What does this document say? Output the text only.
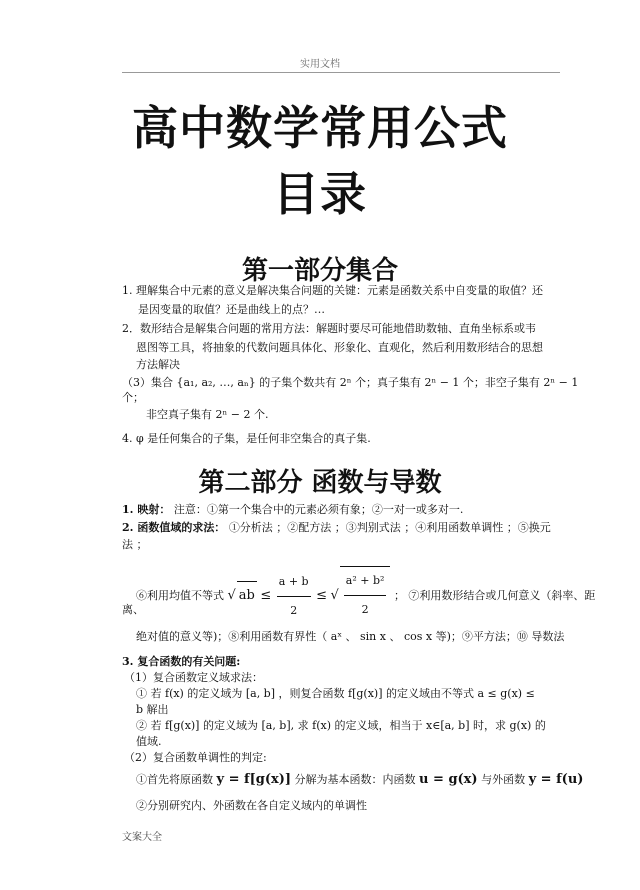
实用文档
高中数学常用公式
目录
第一部分集合
1. 理解集合中元素的意义是解决集合问题的关键：元素是函数关系中自变量的取值？还
是因变量的取值？还是曲线上的点？…
2．数形结合是解集合问题的常用方法：解题时要尽可能地借助数轴、直角坐标系或韦
恩图等工具，将抽象的代数问题具体化、形象化、直观化，然后利用数形结合的思想
方法解决
（3）集合 {a₁, a₂, …, aₙ} 的子集个数共有 2ⁿ 个；真子集有 2ⁿ − 1 个；非空子集有 2ⁿ − 1
个；
非空真子集有 2ⁿ − 2 个.
4. φ 是任何集合的子集，是任何非空集合的真子集.
第二部分 函数与导数
1. 映射： 注意：①第一个集合中的元素必须有象；②一对一或多对一.
2. 函数值域的求法： ①分析法 ；②配方法 ；③判别式法 ；④利用函数单调性 ；⑤换元
法 ；
⑥利用均值不等式 √ ab ≤ $\frac{a + b}{2}$ ≤ √ $\frac{\text{a² + b²}}{2}$ ； ⑦利用数形结合或几何意义（斜率、距
离、
绝对值的意义等)；⑧利用函数有界性（ aˣ 、 sin x 、 cos x 等)；⑨平方法；⑩ 导数法
3. 复合函数的有关问题:
（1）复合函数定义域求法：
① 若 f(x) 的定义域为 [a, b] ，则复合函数 f[g(x)] 的定义域由不等式 a ≤ g(x) ≤
b 解出
② 若 f[g(x)] 的定义域为 [a, b], 求 f(x) 的定义域，相当于 x∈[a, b] 时，求 g(x) 的
值域.
（2）复合函数单调性的判定:
①首先将原函数 y = f[g(x)] 分解为基本函数：内函数 u = g(x) 与外函数 y = f(u)
②分别研究内、外函数在各自定义域内的单调性
文案大全
